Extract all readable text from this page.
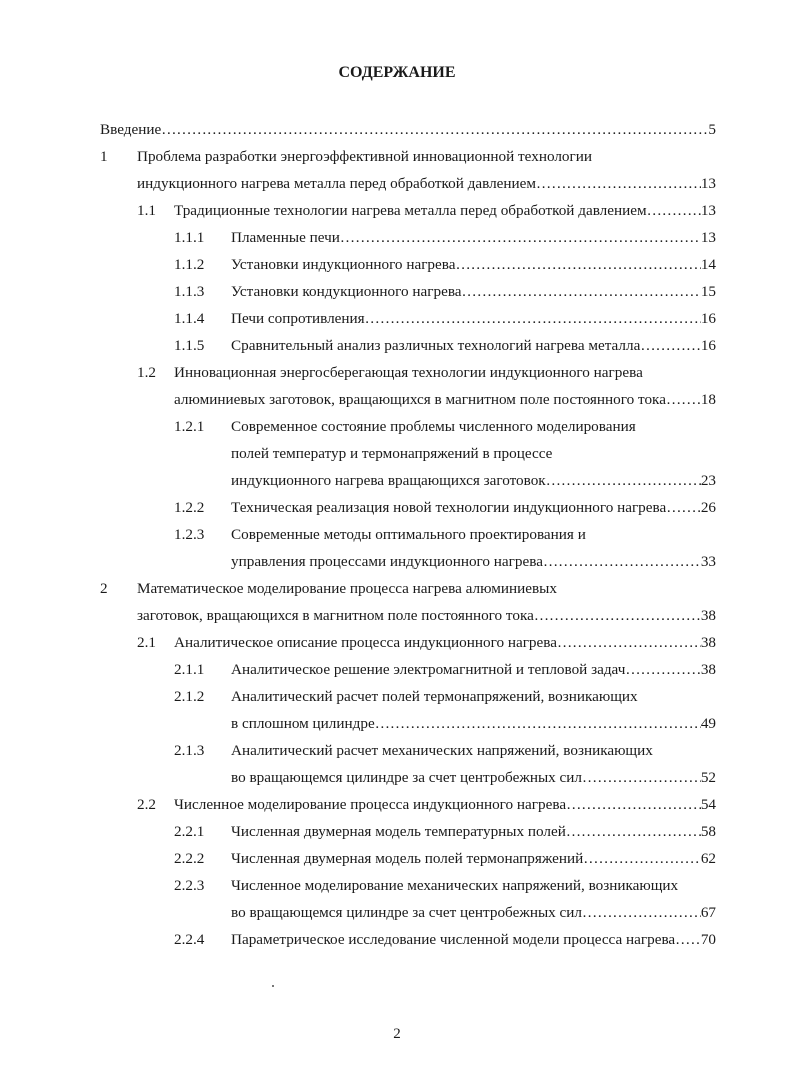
СОДЕРЖАНИЕ
Введение ……………………………………………………………………………………………………………………………………………………………	5
1 Проблема разработки энергоэффективной инновационной технологии
индукционного нагрева металла перед обработкой давлением ……………………………………………………………………………………………………………………………………………………………	13
1.1 Традиционные технологии нагрева металла перед обработкой давлением ……………………………………………………………………………………………………………………………………………………………	13
1.1.1 Пламенные печи ……………………………………………………………………………………………………………………………………………………………	13
1.1.2 Установки индукционного нагрева ……………………………………………………………………………………………………………………………………………………………	14
1.1.3 Установки кондукционного нагрева ……………………………………………………………………………………………………………………………………………………………	15
1.1.4 Печи сопротивления ……………………………………………………………………………………………………………………………………………………………	16
1.1.5 Сравнительный анализ различных технологий нагрева металла ……………………………………………………………………………………………………………………………………………………………	16
1.2 Инновационная энергосберегающая технологии индукционного нагрева
алюминиевых заготовок, вращающихся в магнитном поле постоянного тока …………………………………………………………………………………………………………………………………………………………… 18
1.2.1 Современное состояние проблемы численного моделирования
полей температур и термонапряжений в процессе
индукционного нагрева вращающихся заготовок ……………………………………………………………………………………………………………………………………………………………	23
1.2.2 Техническая реализация новой технологии индукционного нагрева …………………………………………………………………………………………………………………………………………………………… 26
1.2.3 Современные методы оптимального проектирования и
управления процессами индукционного нагрева ……………………………………………………………………………………………………………………………………………………………	33
2 Математическое моделирование процесса нагрева алюминиевых
заготовок, вращающихся в магнитном поле постоянного тока ……………………………………………………………………………………………………………………………………………………………	38
2.1 Аналитическое описание процесса индукционного нагрева ……………………………………………………………………………………………………………………………………………………………	38
2.1.1 Аналитическое решение электромагнитной и тепловой задач ……………………………………………………………………………………………………………………………………………………………	38
2.1.2 Аналитический расчет полей термонапряжений, возникающих
в сплошном цилиндре ……………………………………………………………………………………………………………………………………………………………	49
2.1.3 Аналитический расчет механических напряжений, возникающих
во вращающемся цилиндре за счет центробежных сил ……………………………………………………………………………………………………………………………………………………………	52
2.2 Численное моделирование процесса индукционного нагрева ……………………………………………………………………………………………………………………………………………………………	54
2.2.1 Численная двумерная модель температурных полей ……………………………………………………………………………………………………………………………………………………………	58
2.2.2 Численная двумерная модель полей термонапряжений ……………………………………………………………………………………………………………………………………………………………	62
2.2.3 Численное моделирование механических напряжений, возникающих
во вращающемся цилиндре за счет центробежных сил ……………………………………………………………………………………………………………………………………………………………	67
2.2.4 Параметрическое исследование численной модели процесса нагрева …………………………………………………………………………………………………………………………………………………………… 70
2
